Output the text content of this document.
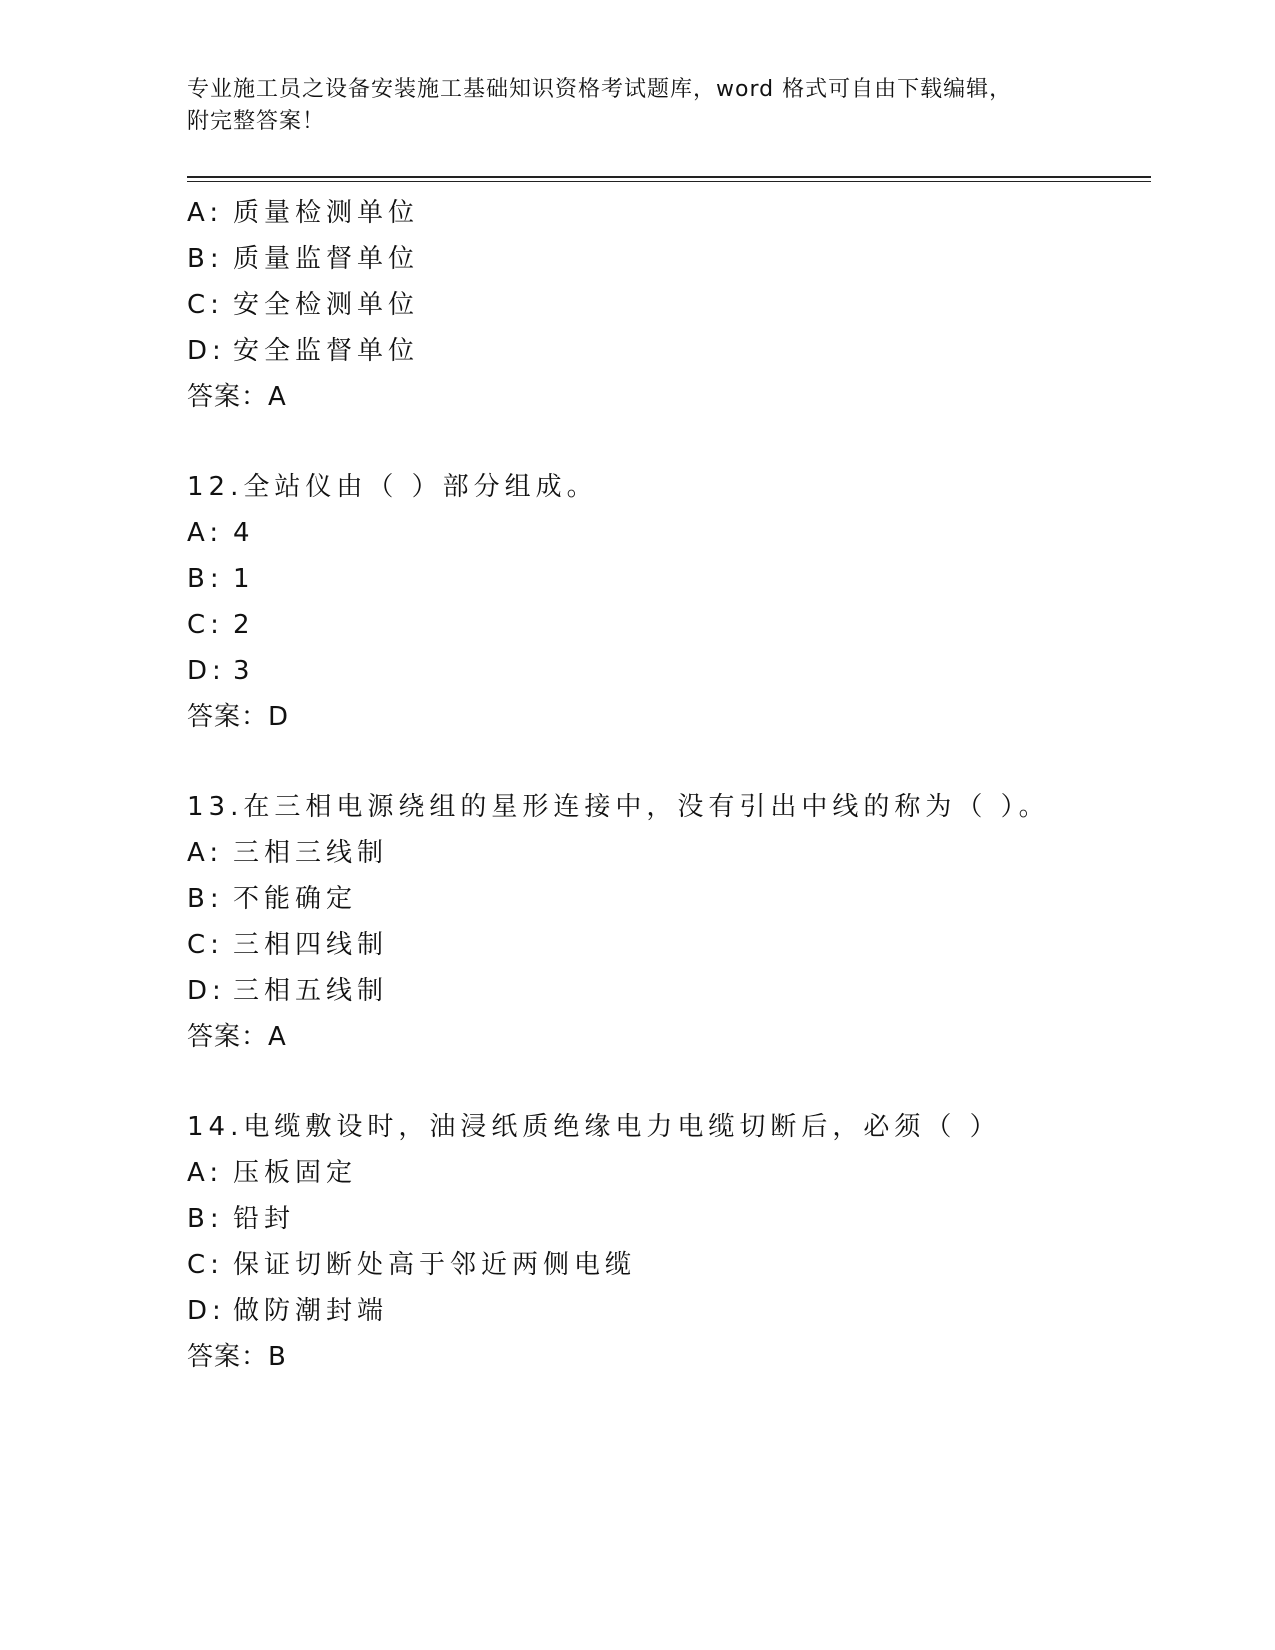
专业施工员之设备安装施工基础知识资格考试题库，word 格式可自由下载编辑，
附完整答案！
A: 质量检测单位
B: 质量监督单位
C: 安全检测单位
D: 安全监督单位
答案：A
12.全站仪由（ ）部分组成。
A: 4
B: 1
C: 2
D: 3
答案：D
13.在三相电源绕组的星形连接中，没有引出中线的称为（ ）。
A: 三相三线制
B: 不能确定
C: 三相四线制
D: 三相五线制
答案：A
14.电缆敷设时，油浸纸质绝缘电力电缆切断后，必须（ ）
A: 压板固定
B: 铅封
C: 保证切断处高于邻近两侧电缆
D: 做防潮封端
答案：B
